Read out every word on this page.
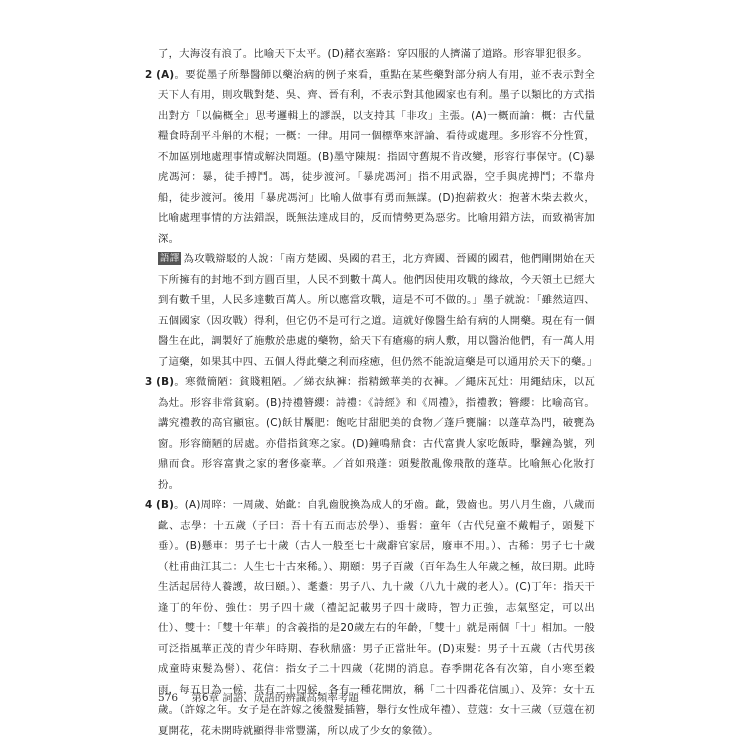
了，大海沒有浪了。比喻天下太平。(D)赭衣塞路：穿囚服的人擠滿了道路。形容罪犯很多。

2 (A)。要從墨子所舉醫師以藥治病的例子來看，重點在某些藥對部分病人有用，並不表示對全天下人有用，則攻戰對楚、吳、齊、晉有利，不表示對其他國家也有利。墨子以類比的方式指出對方「以偏概全」思考邏輯上的謬誤，以支持其「非攻」主張。(A)一概而論：概：古代量糧食時刮平斗斛的木棍；一概：一律。用同一個標準來評論、看待或處理。多形容不分性質，不加區別地處理事情或解決問題。(B)墨守陳規：指固守舊規不肯改變，形容行事保守。(C)暴虎馮河：暴，徒手搏鬥。馮，徒步渡河。「暴虎馮河」指不用武器，空手與虎搏鬥；不靠舟船，徒步渡河。後用「暴虎馮河」比喻人做事有勇而無謀。(D)抱薪救火：抱著木柴去救火，比喻處理事情的方法錯誤，既無法達成目的，反而情勢更為惡劣。比喻用錯方法，而致禍害加深。
語譯 為攻戰辯駁的人說：「南方楚國、吳國的君王，北方齊國、晉國的國君，他們剛開始在天下所擁有的封地不到方圓百里，人民不到數十萬人。他們因使用攻戰的緣故，今天領土已經大到有數千里，人民多達數百萬人。所以應當攻戰，這是不可不做的。」墨子就說：「雖然這四、五個國家（因攻戰）得利，但它仍不是可行之道。這就好像醫生給有病的人開藥。現在有一個醫生在此，調製好了施敷於患處的藥物，給天下有瘡瘍的病人敷，用以醫治他們，有一萬人用了這藥，如果其中四、五個人得此藥之利而痊癒，但仍然不能說這藥是可以通用於天下的藥。」
3 (B)。寒微簡陋：貧賤粗陋。／綈衣紈褲：指精緻華美的衣褲。／繩床瓦灶：用繩結床，以瓦為灶。形容非常貧窮。(B)持禮簪纓：詩禮：《詩經》和《周禮》，指禮教；簪纓：比喻高官。講究禮教的高官顯宦。(C)飫甘饜肥：飽吃甘甜肥美的食物／蓬戶甕牖：以蓬草為門，破甕為窗。形容簡陋的居處。亦借指貧寒之家。(D)鐘鳴鼎食：古代富貴人家吃飯時，擊鐘為號，列鼎而食。形容富貴之家的奢侈豪華。／首如飛蓬：頭髮散亂像飛散的蓬草。比喻無心化妝打扮。
4 (B)。(A)周晬：一周歲、始齔：自乳齒脫換為成人的牙齒。齔，毀齒也。男八月生齒，八歲而齔、志學：十五歲（子曰：吾十有五而志於學）、垂髫：童年（古代兒童不戴帽子，頭髮下垂）。(B)懸車：男子七十歲（古人一般至七十歲辭官家居，廢車不用。）、古稀：男子七十歲（杜甫曲江其二：人生七十古來稀。）、期頤：男子百歲（百年為生人年歲之極，故曰期。此時生活起居待人養護，故曰頤。）、耄耋：男子八、九十歲（八九十歲的老人）。(C)丁年：指天干逢丁的年份、強仕：男子四十歲（禮記記載男子四十歲時，智力正強，志氣堅定，可以出仕）、雙十：「雙十年華」的含義指的是20歲左右的年齡，「雙十」就是兩個「十」相加。一般可泛指風華正茂的青少年時期、春秋鼎盛：男子正當壯年。(D)束髮：男子十五歲（古代男孩成童時束髮為髻）、花信：指女子二十四歲（花開的消息。春季開花各有次第，自小寒至穀雨，每五日為一候，共有二十四候，各有一種花開放，稱「二十四番花信風」）、及笄：女十五歲。（許嫁之年。女子是在許嫁之後盤髮插簪，舉行女性成年禮）、荳蔻：女十三歲（豆蔻在初夏開花，花未開時就顯得非常豐滿，所以成了少女的象徵）。
576 第6章 詞語、成語的辨識高頻率考題
